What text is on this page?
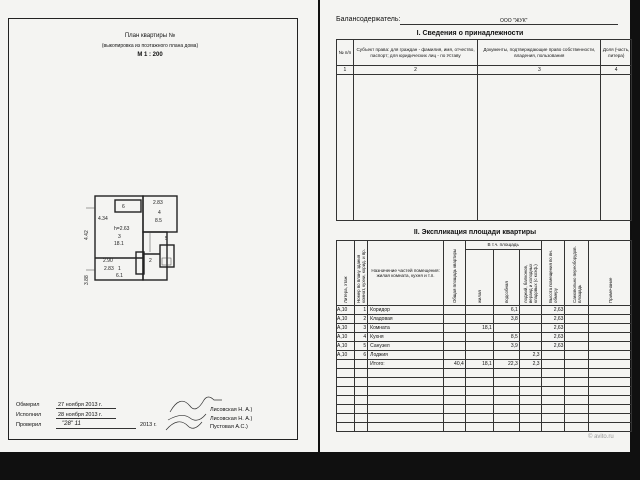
План квартиры №
(выкопировка из поэтажного плана дома)
М 1 : 200
6
2.83
4.34
h=2.63
3
18.1
4
8.5
5
2
2.90
2.83 1
6.1
4.42
3.88
Обмерил	27 ноября 2013 г.
Лисовская Н. А.)
Исполнил	28 ноября 2013 г.
Лисовская Н. А.)
Проверил	"28" 11	2013 г.	Пустовая А.С.)
Балансодержатель:	ООО "ЖУК"
I. Сведения о принадлежности
№ п/п	Субъект права: для граждан - фамилия, имя, отчество, паспорт; для юридических лиц - по Уставу	Документы, подтверждающие право собственности, владения, пользования	Доля (часть, литера)
1	2	3	4

II. Экспликация площади квартиры
Литера, этаж	Номер по плану здания комнат, кухни, корид. и пр.	Назначение частей помещения: жилая комната, кухня и т.п.	Общая площадь квартиры	В т.ч. площадь			Высота помещения по вн. обмеру	Самовольно переоборудов. площадь	Примечание

				жилая	подсобная	лоджий, балконов, веранд и холодных кладовых (с коэф.)			

А,10	1	Коридор			6,1		2,63		
А,10	2	Кладовая			3,8		2,63		
А,10	3	Комната		18,1			2,63		
А,10	4	Кухня			8,5		2,63		
А,10	5	Санузел			3,9		2,63		
А,10	6	Лоджия				2,3			
		Итого:	40,4	18,1	22,3	2,3			

© avito.ru
